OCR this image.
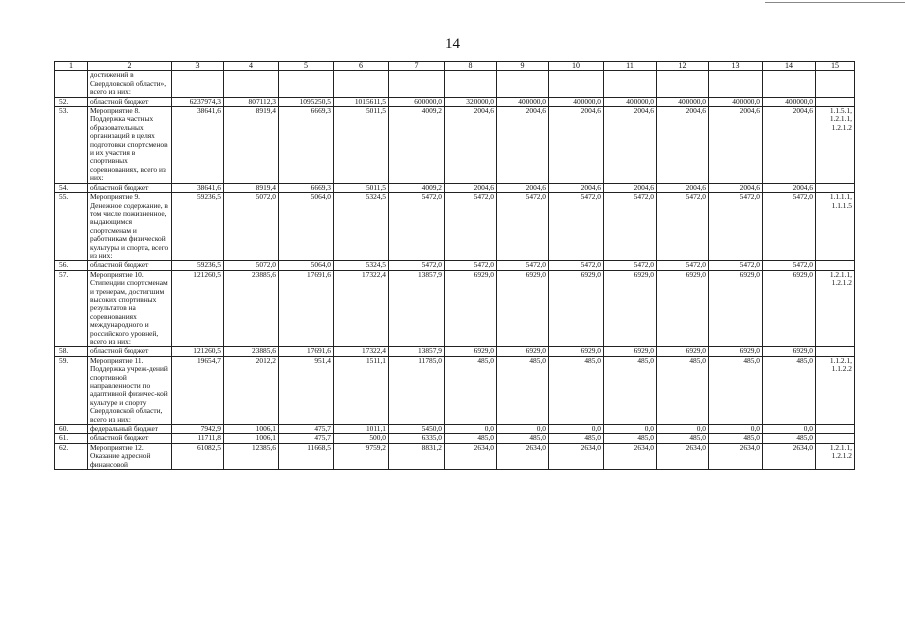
14
1	2	3	4	5	6	7	8	9	10	11	12	13	14	15
	достижений в Свердловской области», всего из них:													
52.	областной бюджет	6237974,3	807112,3	1095250,5	1015611,5	600000,0	320000,0	400000,0	400000,0	400000,0	400000,0	400000,0	400000,0	
53.	Мероприятие 8. Поддержка частных образовательных организаций в целях подготовки спортсменов и их участия в спортивных соревнованиях, всего из них:	38641,6	8919,4	6669,3	5011,5	4009,2	2004,6	2004,6	2004,6	2004,6	2004,6	2004,6	2004,6	1.1.5.1, 1.2.1.1, 1.2.1.2
54.	областной бюджет	38641,6	8919,4	6669,3	5011,5	4009,2	2004,6	2004,6	2004,6	2004,6	2004,6	2004,6	2004,6	
55.	Мероприятие 9. Денежное содержание, в том числе пожизненное, выдающимся спортсменам и работникам физической культуры и спорта, всего из них:	59236,5	5072,0	5064,0	5324,5	5472,0	5472,0	5472,0	5472,0	5472,0	5472,0	5472,0	5472,0	1.1.1.1, 1.1.1.5
56.	областной бюджет	59236,5	5072,0	5064,0	5324,5	5472,0	5472,0	5472,0	5472,0	5472,0	5472,0	5472,0	5472,0	
57.	Мероприятие 10. Стипендии спортсменам и тренерам, достигшим высоких спортивных результатов на соревнованиях международного и российского уровней, всего из них:	121260,5	23885,6	17691,6	17322,4	13857,9	6929,0	6929,0	6929,0	6929,0	6929,0	6929,0	6929,0	1.2.1.1, 1.2.1.2
58.	областной бюджет	121260,5	23885,6	17691,6	17322,4	13857,9	6929,0	6929,0	6929,0	6929,0	6929,0	6929,0	6929,0	
59.	Мероприятие 11. Поддержка учреж-дений спортивной направленности по адаптивной физичес-кой культуре и спорту Свердловской области, всего из них:	19654,7	2012,2	951,4	1511,1	11785,0	485,0	485,0	485,0	485,0	485,0	485,0	485,0	1.1.2.1, 1.1.2.2
60.	федеральный бюджет	7942,9	1006,1	475,7	1011,1	5450,0	0,0	0,0	0,0	0,0	0,0	0,0	0,0	
61.	областной бюджет	11711,8	1006,1	475,7	500,0	6335,0	485,0	485,0	485,0	485,0	485,0	485,0	485,0	
62.	Мероприятие 12. Оказание адресной финансовой	61082,5	12385,6	11668,5	9759,2	8831,2	2634,0	2634,0	2634,0	2634,0	2634,0	2634,0	2634,0	1.2.1.1, 1.2.1.2
